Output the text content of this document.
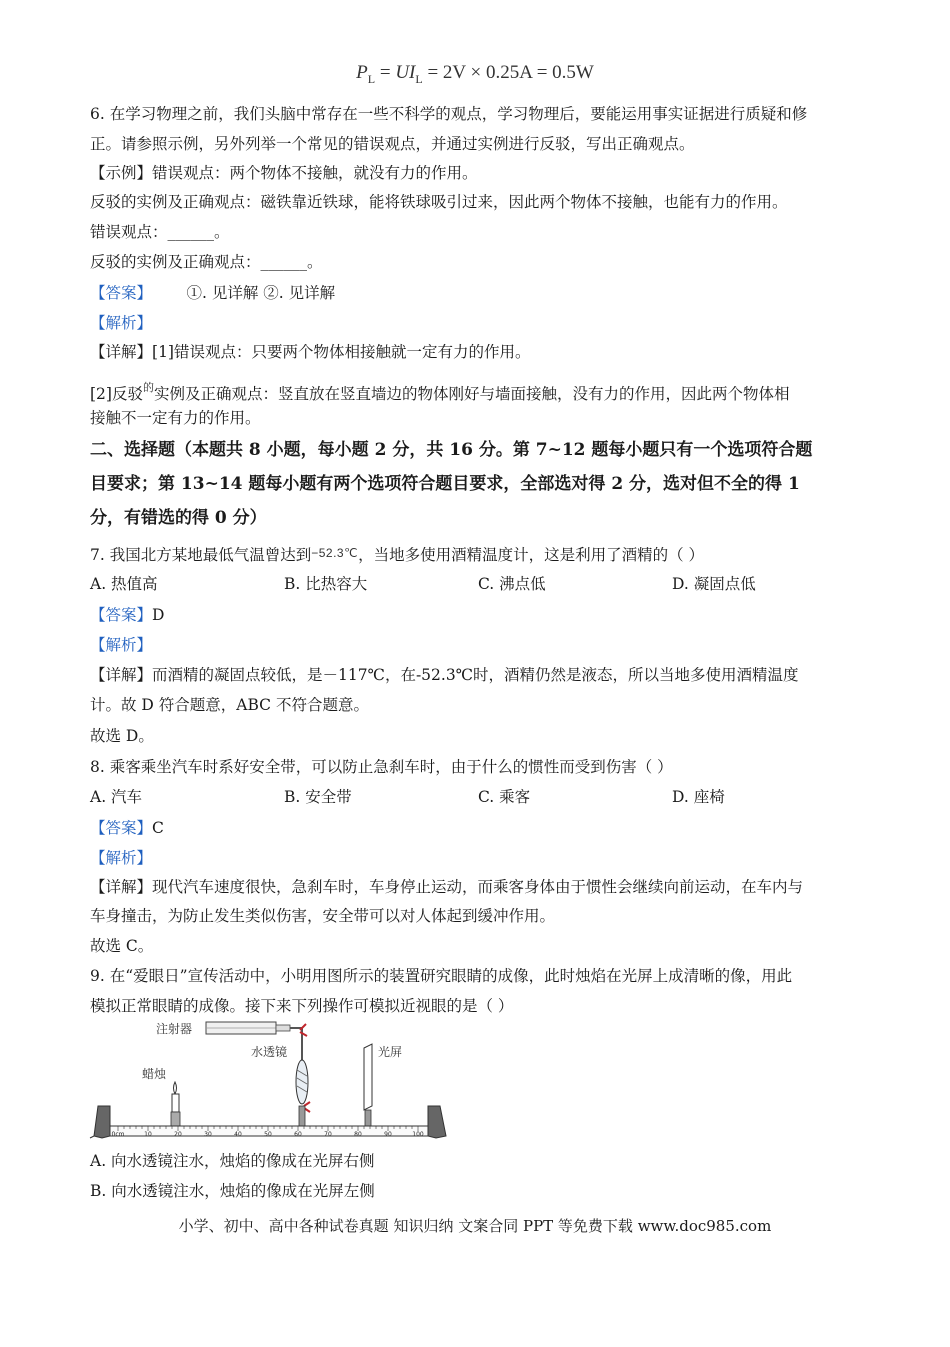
$P_L = UI_L = 2V \times 0.25A = 0.5W$
6. 在学习物理之前，我们头脑中常存在一些不科学的观点，学习物理后，要能运用事实证据进行质疑和修
正。请参照示例，另外列举一个常见的错误观点，并通过实例进行反驳，写出正确观点。
【示例】错误观点：两个物体不接触，就没有力的作用。
反驳的实例及正确观点：磁铁靠近铁球，能将铁球吸引过来，因此两个物体不接触，也能有力的作用。
错误观点：______。
反驳的实例及正确观点：______。
【答案】 ①. 见详解 ②. 见详解
【解析】
【详解】[1]错误观点：只要两个物体相接触就一定有力的作用。
[2]反驳的实例及正确观点：竖直放在竖直墙边的物体刚好与墙面接触，没有力的作用，因此两个物体相
接触不一定有力的作用。
二、选择题（本题共 8 小题，每小题 2 分，共 16 分。第 7~12 题每小题只有一个选项符合题
目要求；第 13~14 题每小题有两个选项符合题目要求，全部选对得 2 分，选对但不全的得 1
分，有错选的得 0 分）
7. 我国北方某地最低气温曾达到−52.3℃，当地多使用酒精温度计，这是利用了酒精的（ ）
A. 热值高	B. 比热容大	C. 沸点低	D. 凝固点低
【答案】D
【解析】
【详解】而酒精的凝固点较低，是－117℃，在-52.3℃时，酒精仍然是液态，所以当地多使用酒精温度
计。故 D 符合题意，ABC 不符合题意。
故选 D。
8. 乘客乘坐汽车时系好安全带，可以防止急刹车时，由于什么的惯性而受到伤害（ ）
A. 汽车	B. 安全带	C. 乘客	D. 座椅
【答案】C
【解析】
【详解】现代汽车速度很快，急刹车时，车身停止运动，而乘客身体由于惯性会继续向前运动，在车内与
车身撞击，为防止发生类似伤害，安全带可以对人体起到缓冲作用。
故选 C。
9. 在“爱眼日”宣传活动中，小明用图所示的装置研究眼睛的成像，此时烛焰在光屏上成清晰的像，用此
模拟正常眼睛的成像。接下来下列操作可模拟近视眼的是（ ）
注射器
水透镜	光屏
蜡烛
0cm	10	20	30	40	50	60	70	80	90	100
A. 向水透镜注水，烛焰的像成在光屏右侧
B. 向水透镜注水，烛焰的像成在光屏左侧
小学、初中、高中各种试卷真题 知识归纳 文案合同 PPT 等免费下载 www.doc985.com
